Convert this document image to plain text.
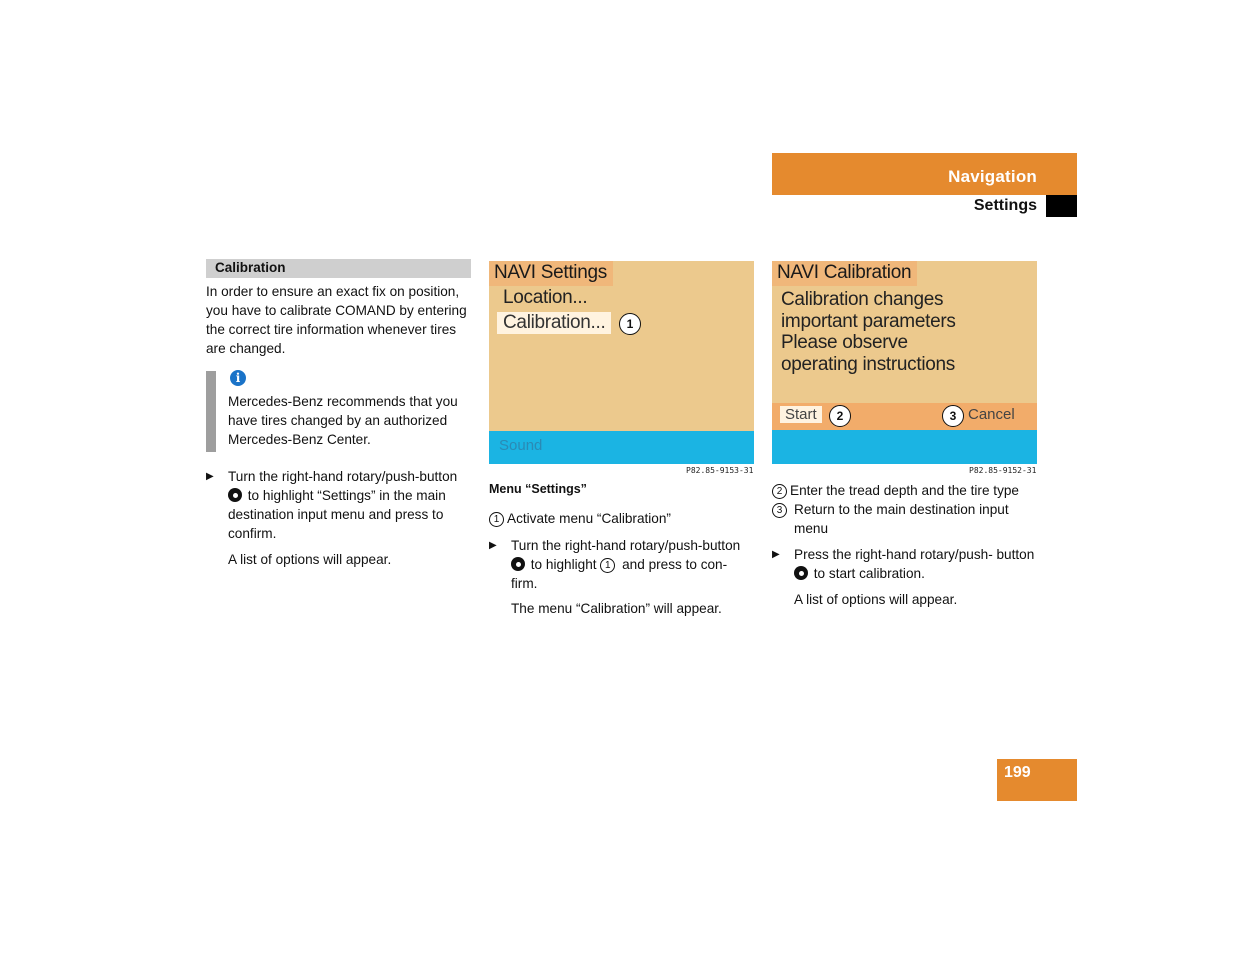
Navigation
Settings
Calibration
In order to ensure an exact fix on position, you have to calibrate COMAND by entering the correct tire information whenever tires are changed.
i
Mercedes-Benz recommends that you have tires changed by an authorized Mercedes-Benz Center.
▶ Turn the right-hand rotary/push-button  to highlight “Settings” in the main destination input menu and press to confirm.
A list of options will appear.
NAVI Settings
Location...
Calibration...	1
Sound
P82.85-9153-31
Menu “Settings”
1 Activate menu “Calibration”
▶ Turn the right-hand rotary/push-button  to highlight 1 and press to con- firm.
The menu “Calibration” will appear.
NAVI Calibration
Calibration changes
important parameters
Please observe
operating instructions
Start	2	3 Cancel
P82.85-9152-31
2 Enter the tread depth and the tire type
3 Return to the main destination input menu
▶ Press the right-hand rotary/push- button  to start calibration.
A list of options will appear.
199
